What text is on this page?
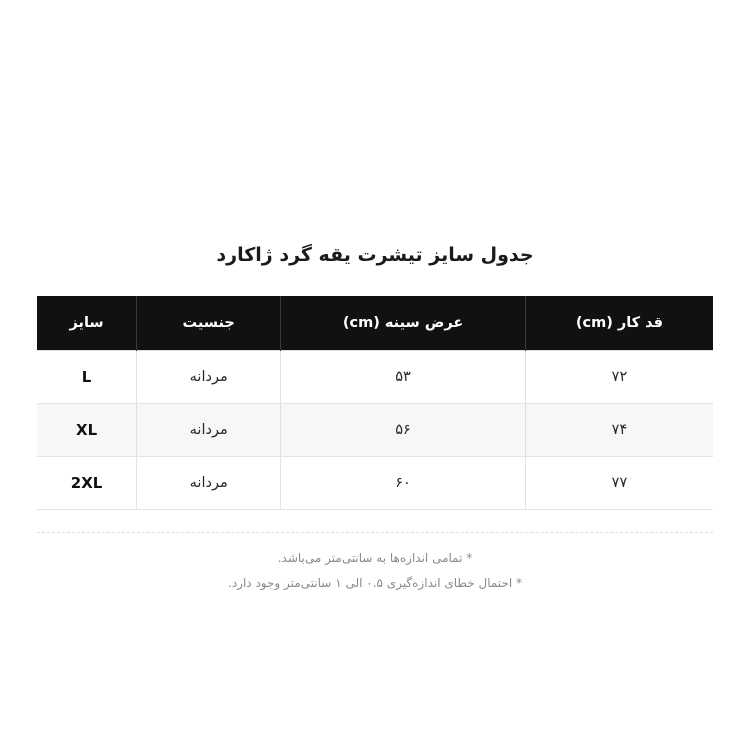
جدول سایز تیشرت یقه گرد ژاکارد
قد کار (cm)	عرض سینه (cm)	جنسیت	سایز
۷۲	۵۳	مردانه	L
۷۴	۵۶	مردانه	XL
۷۷	۶۰	مردانه	2XL

* تمامی اندازه‌ها به سانتی‌متر می‌باشد.

* احتمال خطای اندازه‌گیری ۰.۵ الی ۱ سانتی‌متر وجود دارد.
